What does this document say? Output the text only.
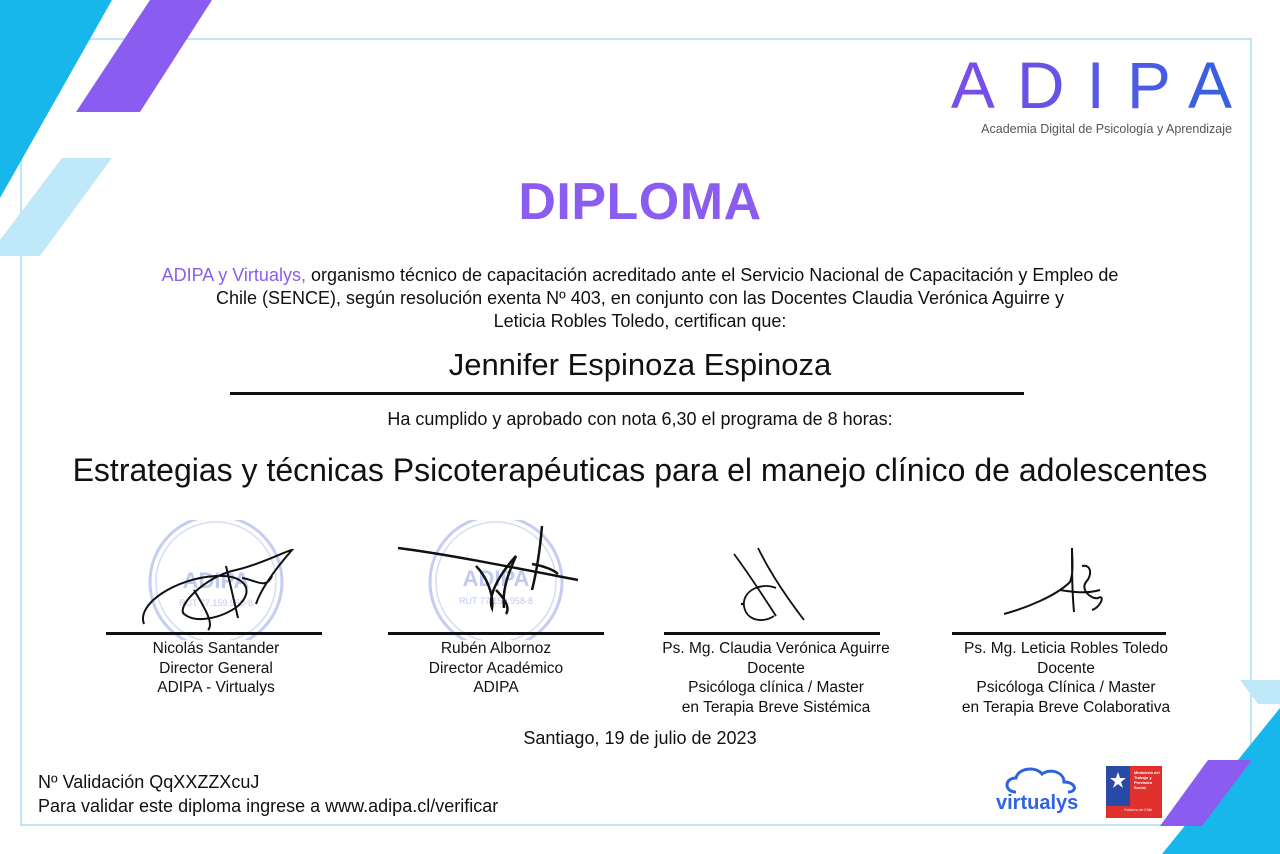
ADIPA
Academia Digital de Psicología y Aprendizaje
DIPLOMA
ADIPA y Virtualys, organismo técnico de capacitación acreditado ante el Servicio Nacional de Capacitación y Empleo de
Chile (SENCE), según resolución exenta Nº 403, en conjunto con las Docentes Claudia Verónica Aguirre y
Leticia Robles Toledo, certifican que:
Jennifer Espinoza Espinoza
Ha cumplido y aprobado con nota 6,30 el programa de 8 horas:
Estrategias y técnicas Psicoterapéuticas para el manejo clínico de adolescentes
ADIPA
RUT 77.159.958-8
Nicolás Santander
Director General
ADIPA - Virtualys
ADIPA
RUT 77.159.958-8
Rubén Albornoz
Director Académico
ADIPA
Ps. Mg. Claudia Verónica Aguirre
Docente
Psicóloga clínica / Master
en Terapia Breve Sistémica
Ps. Mg. Leticia Robles Toledo
Docente
Psicóloga Clínica / Master
en Terapia Breve Colaborativa
Santiago, 19 de julio de 2023
Nº Validación QqXXZZXcuJ
Para validar este diploma ingrese a www.adipa.cl/verificar	virtualys
Ministerio del Trabajo y Previsión Social
Gobierno de Chile
